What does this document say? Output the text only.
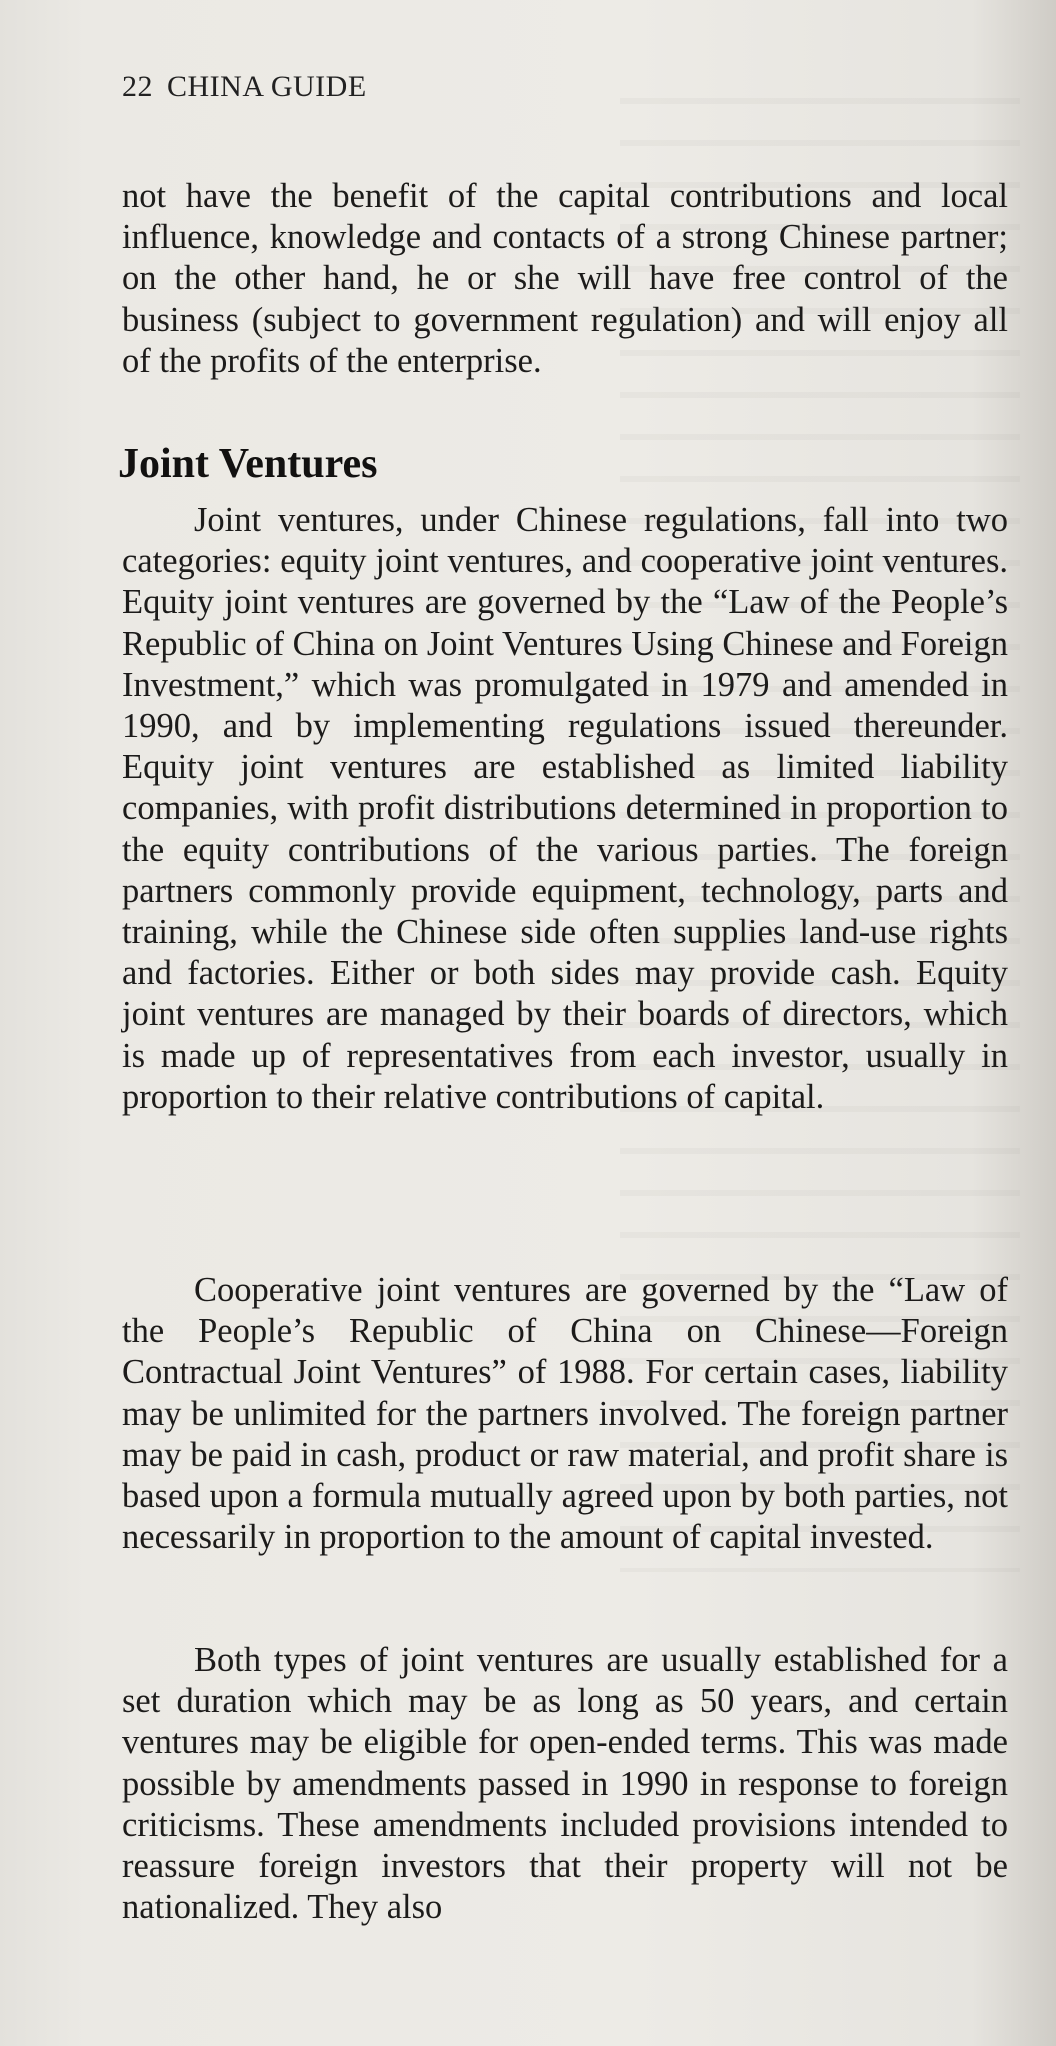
22 CHINA GUIDE

not have the benefit of the capital contributions and local influence, knowledge and contacts of a strong Chinese partner; on the other hand, he or she will have free control of the business (subject to government regulation) and will enjoy all of the profits of the enterprise.

Joint Ventures

Joint ventures, under Chinese regulations, fall into two categories: equity joint ventures, and cooperative joint ventures. Equity joint ventures are governed by the “Law of the People’s Republic of China on Joint Ventures Using Chinese and Foreign Investment,” which was promulgated in 1979 and amended in 1990, and by implementing regulations issued thereunder. Equity joint ventures are established as limited liability companies, with profit distributions determined in proportion to the equity contributions of the various parties. The foreign partners commonly provide equipment, technology, parts and training, while the Chinese side often supplies land-use rights and factories. Either or both sides may provide cash. Equity joint ventures are managed by their boards of directors, which is made up of representatives from each investor, usually in proportion to their relative contributions of capital.

Cooperative joint ventures are governed by the “Law of the People’s Republic of China on Chinese—Foreign Contractual Joint Ventures” of 1988. For certain cases, liability may be unlimited for the partners involved. The foreign partner may be paid in cash, product or raw material, and profit share is based upon a formula mutually agreed upon by both parties, not necessarily in proportion to the amount of capital invested.

Both types of joint ventures are usually established for a set duration which may be as long as 50 years, and certain ventures may be eligible for open-ended terms. This was made possible by amendments passed in 1990 in response to foreign criticisms. These amendments included provisions intended to reassure foreign investors that their property will not be nationalized. They also
